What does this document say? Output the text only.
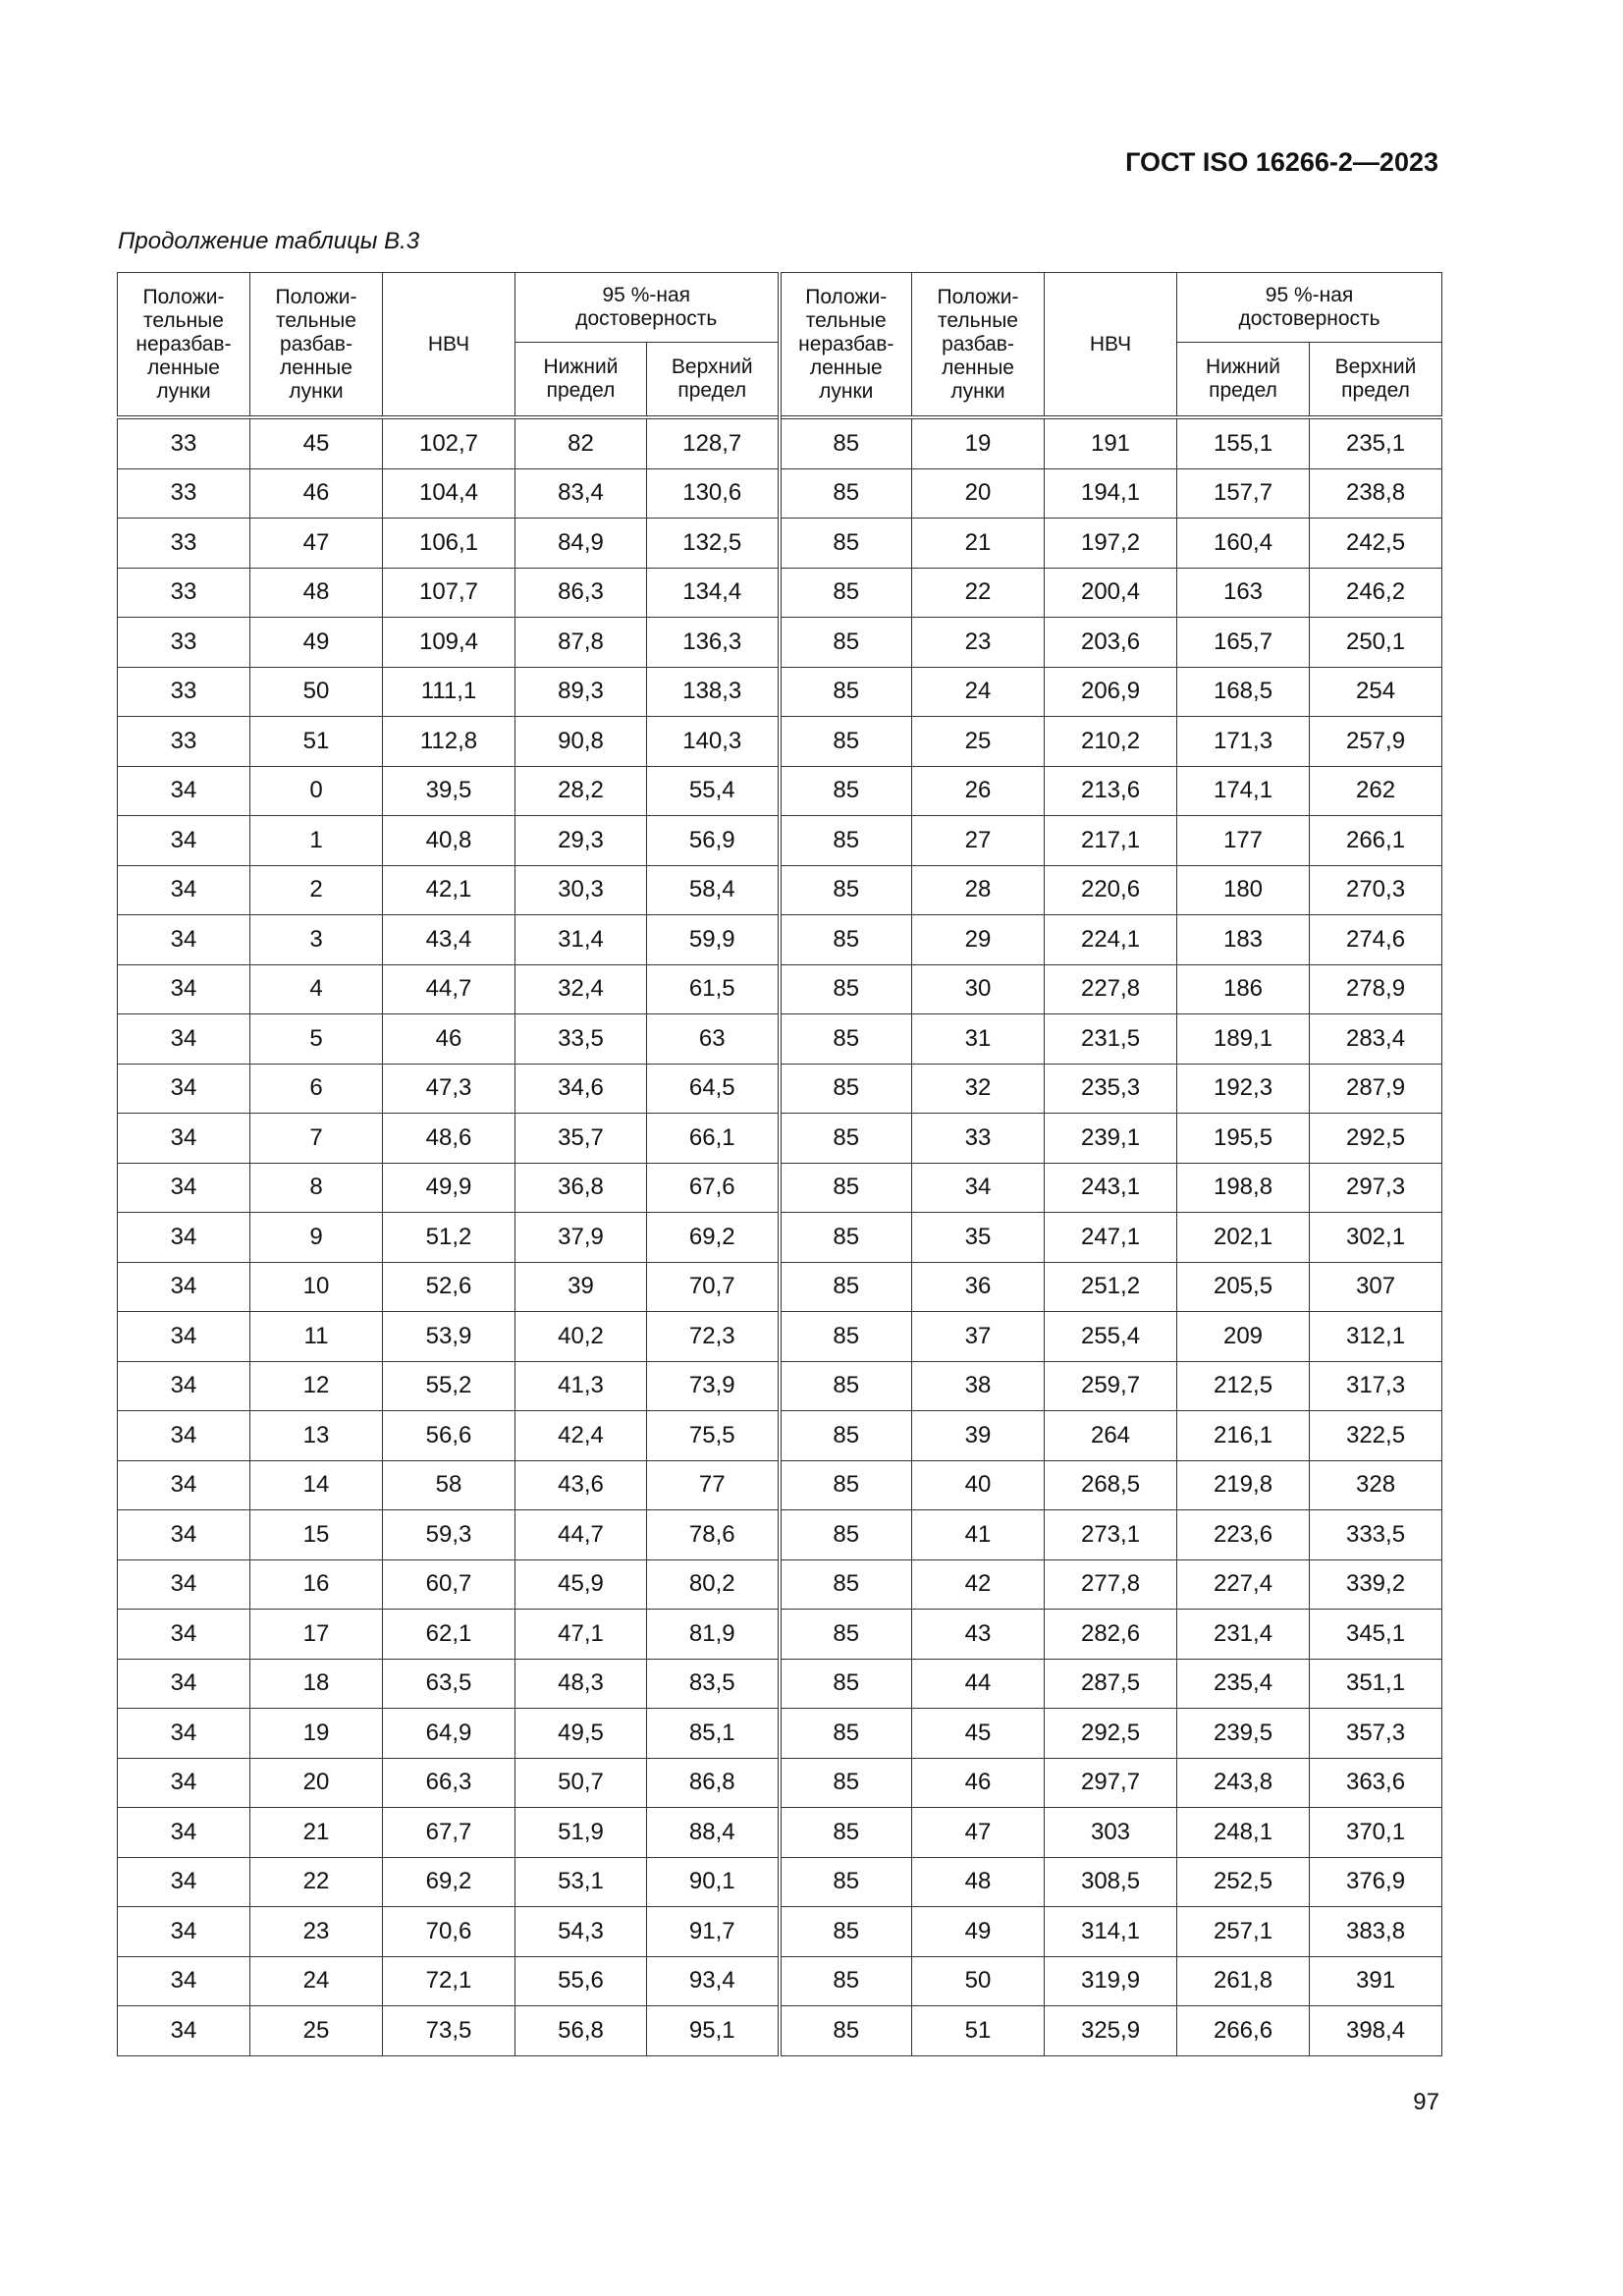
ГОСТ ISO 16266-2—2023
Продолжение таблицы В.3
Положи-
тельные
неразбав-
ленные
лунки	Положи-
тельные
разбав-
ленные
лунки	НВЧ	95 %-ная
достоверность		Положи-
тельные
неразбав-
ленные
лунки	Положи-
тельные
разбав-
ленные
лунки	НВЧ	95 %-ная
достоверность	
			Нижний
предел	Верхний
предел				Нижний
предел	Верхний
предел
33	45	102,7	82	128,7	85	19	191	155,1	235,1
33	46	104,4	83,4	130,6	85	20	194,1	157,7	238,8
33	47	106,1	84,9	132,5	85	21	197,2	160,4	242,5
33	48	107,7	86,3	134,4	85	22	200,4	163	246,2
33	49	109,4	87,8	136,3	85	23	203,6	165,7	250,1
33	50	111,1	89,3	138,3	85	24	206,9	168,5	254
33	51	112,8	90,8	140,3	85	25	210,2	171,3	257,9
34	0	39,5	28,2	55,4	85	26	213,6	174,1	262
34	1	40,8	29,3	56,9	85	27	217,1	177	266,1
34	2	42,1	30,3	58,4	85	28	220,6	180	270,3
34	3	43,4	31,4	59,9	85	29	224,1	183	274,6
34	4	44,7	32,4	61,5	85	30	227,8	186	278,9
34	5	46	33,5	63	85	31	231,5	189,1	283,4
34	6	47,3	34,6	64,5	85	32	235,3	192,3	287,9
34	7	48,6	35,7	66,1	85	33	239,1	195,5	292,5
34	8	49,9	36,8	67,6	85	34	243,1	198,8	297,3
34	9	51,2	37,9	69,2	85	35	247,1	202,1	302,1
34	10	52,6	39	70,7	85	36	251,2	205,5	307
34	11	53,9	40,2	72,3	85	37	255,4	209	312,1
34	12	55,2	41,3	73,9	85	38	259,7	212,5	317,3
34	13	56,6	42,4	75,5	85	39	264	216,1	322,5
34	14	58	43,6	77	85	40	268,5	219,8	328
34	15	59,3	44,7	78,6	85	41	273,1	223,6	333,5
34	16	60,7	45,9	80,2	85	42	277,8	227,4	339,2
34	17	62,1	47,1	81,9	85	43	282,6	231,4	345,1
34	18	63,5	48,3	83,5	85	44	287,5	235,4	351,1
34	19	64,9	49,5	85,1	85	45	292,5	239,5	357,3
34	20	66,3	50,7	86,8	85	46	297,7	243,8	363,6
34	21	67,7	51,9	88,4	85	47	303	248,1	370,1
34	22	69,2	53,1	90,1	85	48	308,5	252,5	376,9
34	23	70,6	54,3	91,7	85	49	314,1	257,1	383,8
34	24	72,1	55,6	93,4	85	50	319,9	261,8	391
34	25	73,5	56,8	95,1	85	51	325,9	266,6	398,4
97
